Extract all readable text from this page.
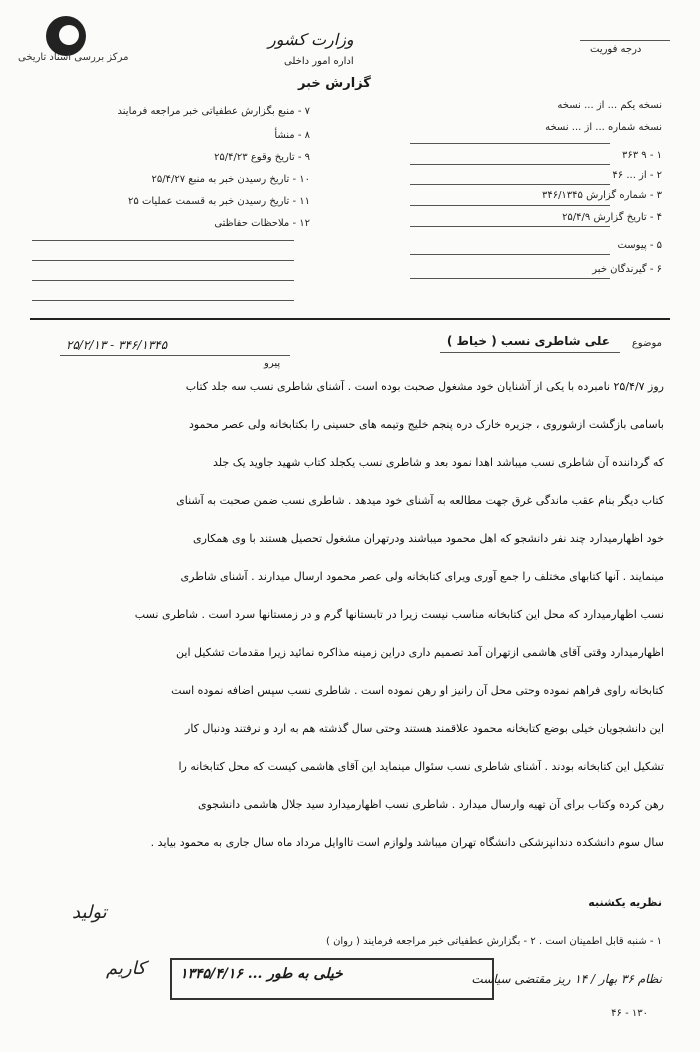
مرکز بررسی اسناد تاریخی
وزارت کشور
اداره امور داخلی
گزارش خبر
درجه فوریت
نسخه یکم ... از ... نسخه
نسخه شماره ... از ... نسخه
۱ - ۹ ۳۶۳
۲ - از ... ۴۶
۳ - شماره گزارش ۳۴۶/۱۳۴۵
۴ - تاریخ گزارش ۲۵/۴/۹
۵ - پیوست
۶ - گیرندگان خبر
۷ - منبع بگزارش عطفیاتی خبر مراجعه فرمایند
۸ - منشأ
۹ - تاریخ وقوع ۲۵/۴/۲۳
۱۰ - تاریخ رسیدن خبر به منبع ۲۵/۴/۲۷
۱۱ - تاریخ رسیدن خبر به قسمت عملیات ۲۵
۱۲ - ملاحظات حفاظتی
موضوع
علی شاطری نسب ( خیاط )
۳۴۶/۱۳۴۵ - ۲۵/۲/۱۳
پیرو
روز ۲۵/۴/۷ نامبرده با یکی از آشنایان خود مشغول صحبت بوده است . آشنای شاطری نسب سه جلد کتاب
باسامی بازگشت ازشوروی ، جزیره خارک دره پنجم خلیج وتیمه های حسینی را بکتابخانه ولی عصر محمود
که گرداننده آن شاطری نسب میباشد اهدا نمود بعد و شاطری نسب یکجلد کتاب شهید جاوید یک جلد
کتاب دیگر بنام عقب ماندگی غرق جهت مطالعه به آشنای خود میدهد . شاطری نسب ضمن صحبت به آشنای
خود اظهارمیدارد چند نفر دانشجو که اهل محمود میباشند ودرتهران مشغول تحصیل هستند با وی همکاری
مینمایند . آنها کتابهای مختلف را جمع آوری ویرای کتابخانه ولی عصر محمود ارسال میدارند . آشنای شاطری
نسب اظهارمیدارد که محل این کتابخانه مناسب نیست زیرا در تابستانها گرم و در زمستانها سرد است . شاطری نسب
اظهارمیدارد وقتی آقای هاشمی ازتهران آمد تصمیم داری دراین زمینه مذاکره نمائید زیرا مقدمات تشکیل این
کتابخانه راوی فراهم نموده وحتی محل آن رانیز او رهن نموده است . شاطری نسب سپس اضافه نموده است
این دانشجویان خیلی بوضع کتابخانه محمود علاقمند هستند وحتی سال گذشته هم به ارد و نرفتند ودنبال کار
تشکیل این کتابخانه بودند . آشنای شاطری نسب سئوال مینماید این آقای هاشمی کیست که محل کتابخانه را
رهن کرده وکتاب برای آن تهیه وارسال میدارد . شاطری نسب اظهارمیدارد سید جلال هاشمی دانشجوی
سال سوم دانشکده دندانپزشکی دانشگاه تهران میباشد ولوازم است تااوایل مرداد ماه سال جاری به محمود بیاید .
نظریه یکشنبه
۱ - شنبه قابل اطمینان است . ۲ - بگزارش عطفیاتی خبر مراجعه فرمایند ( روان )
خیلی به طور ... ۱۳۴۵/۴/۱۶
تولید
کاریم	نظام ۳۶ بهار / ۱۴ ریز مقتضی سیاست
۱۳۰ - ۴۶
